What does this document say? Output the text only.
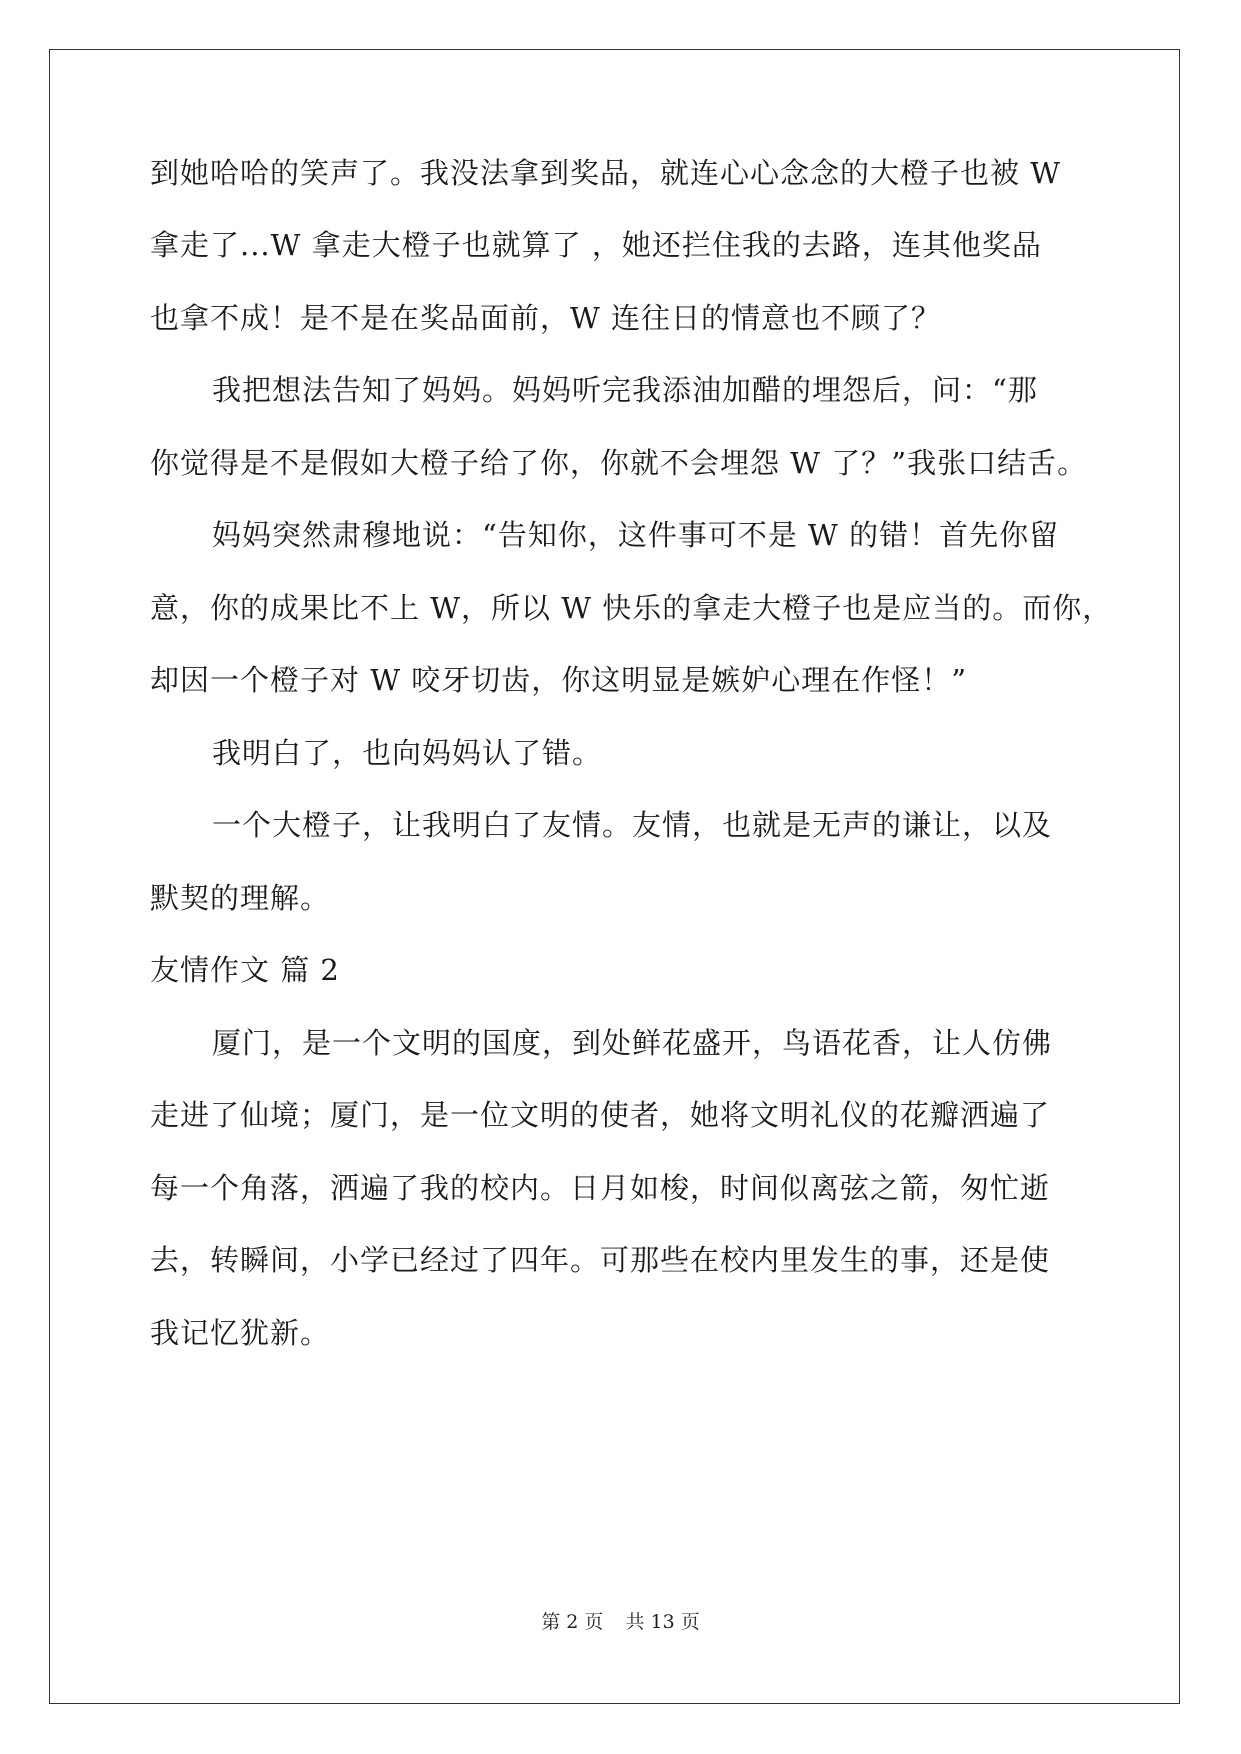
到她哈哈的笑声了。我没法拿到奖品，就连心心念念的大橙子也被 W
拿走了...W 拿走大橙子也就算了 ，她还拦住我的去路，连其他奖品
也拿不成！是不是在奖品面前，W 连往日的情意也不顾了？
我把想法告知了妈妈。妈妈听完我添油加醋的埋怨后，问：“那
你觉得是不是假如大橙子给了你，你就不会埋怨 W 了？”我张口结舌。
妈妈突然肃穆地说：“告知你，这件事可不是 W 的错！首先你留
意，你的成果比不上 W，所以 W 快乐的拿走大橙子也是应当的。而你，
却因一个橙子对 W 咬牙切齿，你这明显是嫉妒心理在作怪！”
我明白了，也向妈妈认了错。
一个大橙子，让我明白了友情。友情，也就是无声的谦让，以及
默契的理解。
友情作文 篇 2
厦门，是一个文明的国度，到处鲜花盛开，鸟语花香，让人仿佛
走进了仙境；厦门，是一位文明的使者，她将文明礼仪的花瓣洒遍了
每一个角落，洒遍了我的校内。日月如梭，时间似离弦之箭，匆忙逝
去，转瞬间，小学已经过了四年。可那些在校内里发生的事，还是使
我记忆犹新。
第 2 页 共 13 页
